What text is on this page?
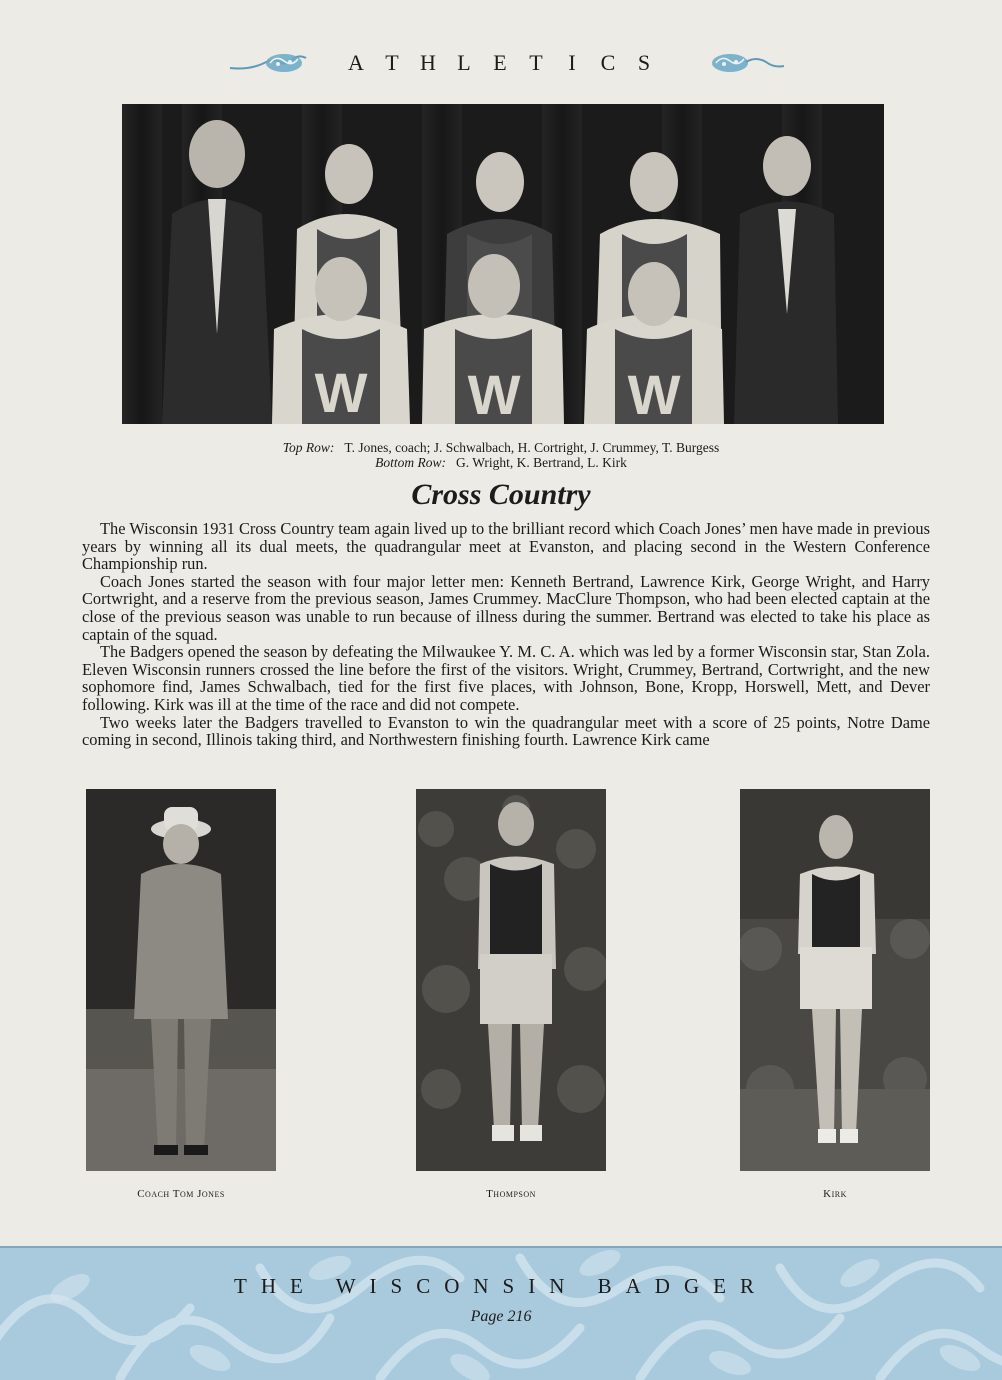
A T H L E T I C S
W W W
Top Row: T. Jones, coach; J. Schwalbach, H. Cortright, J. Crummey, T. Burgess
Bottom Row: G. Wright, K. Bertrand, L. Kirk
Cross Country

The Wisconsin 1931 Cross Country team again lived up to the brilliant record which Coach Jones’ men have made in previous years by winning all its dual meets, the quadrangular meet at Evanston, and placing second in the Western Conference Championship run.

Coach Jones started the season with four major letter men: Kenneth Bertrand, Lawrence Kirk, George Wright, and Harry Cortwright, and a reserve from the previous season, James Crummey. MacClure Thompson, who had been elected captain at the close of the previous season was unable to run because of illness during the summer. Bertrand was elected to take his place as captain of the squad.

The Badgers opened the season by defeating the Milwaukee Y. M. C. A. which was led by a former Wisconsin star, Stan Zola. Eleven Wisconsin runners crossed the line before the first of the visitors. Wright, Crummey, Bertrand, Cortwright, and the new sophomore find, James Schwalbach, tied for the first five places, with Johnson, Bone, Kropp, Horswell, Mett, and Dever following. Kirk was ill at the time of the race and did not compete.

Two weeks later the Badgers travelled to Evanston to win the quadrangular meet with a score of 25 points, Notre Dame coming in second, Illinois taking third, and Northwestern finishing fourth. Lawrence Kirk came

Coach Tom Jones	Thompson	Kirk
THE WISCONSIN BADGER
Page 216
